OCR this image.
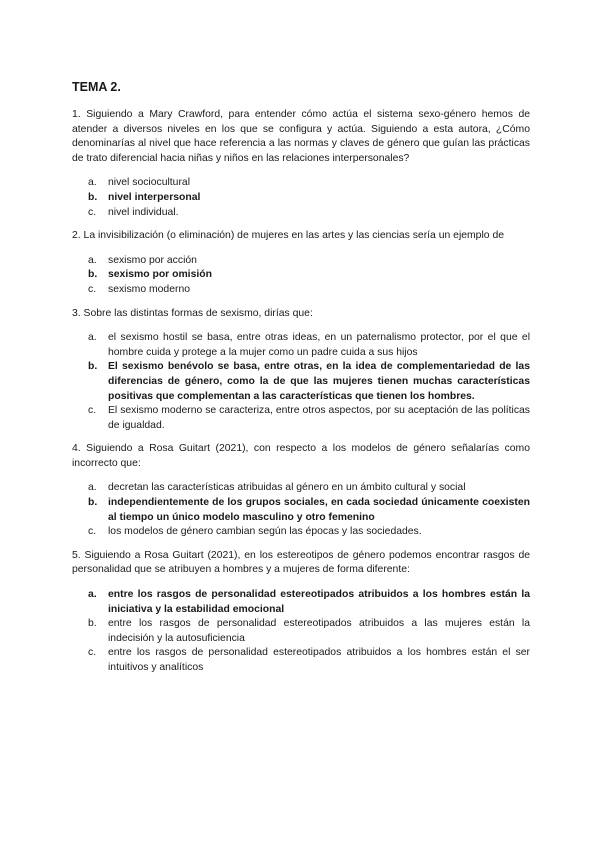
TEMA 2.

1. Siguiendo a Mary Crawford, para entender cómo actúa el sistema sexo-género hemos de atender a diversos niveles en los que se configura y actúa. Siguiendo a esta autora, ¿Cómo denominarías al nivel que hace referencia a las normas y claves de género que guían las prácticas de trato diferencial hacia niñas y niños en las relaciones interpersonales?

a.	nivel sociocultural
b.	nivel interpersonal
c.	nivel individual.

2. La invisibilización (o eliminación) de mujeres en las artes y las ciencias sería un ejemplo de

a.	sexismo por acción
b.	sexismo por omisión
c.	sexismo moderno

3. Sobre las distintas formas de sexismo, dirías que:

a.	el sexismo hostil se basa, entre otras ideas, en un paternalismo protector, por el que el hombre cuida y protege a la mujer como un padre cuida a sus hijos
b.	El sexismo benévolo se basa, entre otras, en la idea de complementariedad de las diferencias de género, como la de que las mujeres tienen muchas características positivas que complementan a las características que tienen los hombres.
c.	El sexismo moderno se caracteriza, entre otros aspectos, por su aceptación de las políticas de igualdad.

4. Siguiendo a Rosa Guitart (2021), con respecto a los modelos de género señalarías como incorrecto que:

a.	decretan las características atribuidas al género en un ámbito cultural y social
b.	independientemente de los grupos sociales, en cada sociedad únicamente coexisten al tiempo un único modelo masculino y otro femenino
c.	los modelos de género cambian según las épocas y las sociedades.

5. Siguiendo a Rosa Guitart (2021), en los estereotipos de género podemos encontrar rasgos de personalidad que se atribuyen a hombres y a mujeres de forma diferente:

a.	entre los rasgos de personalidad estereotipados atribuidos a los hombres están la iniciativa y la estabilidad emocional
b.	entre los rasgos de personalidad estereotipados atribuidos a las mujeres están la indecisión y la autosuficiencia
c.	entre los rasgos de personalidad estereotipados atribuidos a los hombres están el ser intuitivos y analíticos
